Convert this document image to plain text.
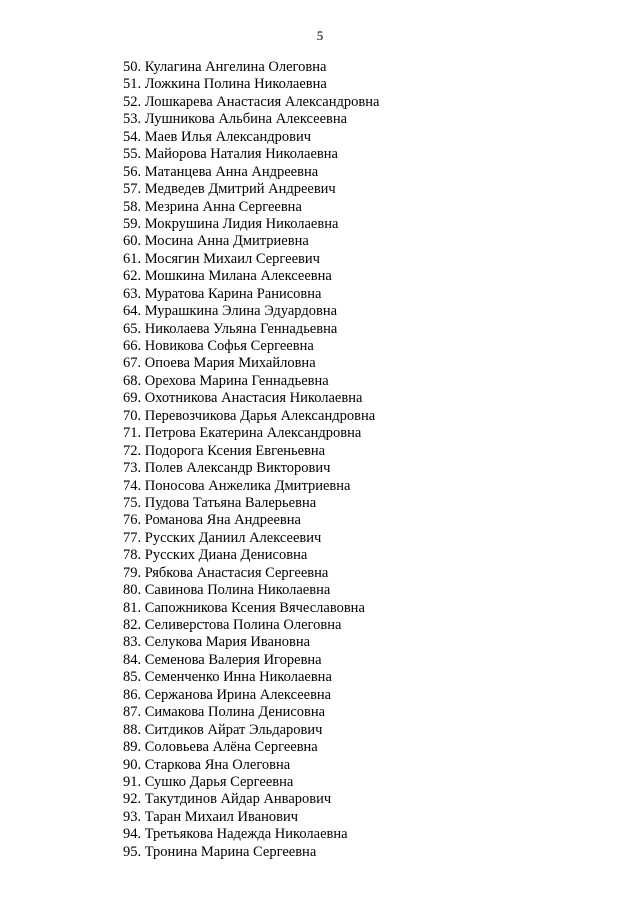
5
50. Кулагина Ангелина Олеговна
51. Ложкина Полина Николаевна
52. Лошкарева Анастасия Александровна
53. Лушникова Альбина Алексеевна
54. Маев Илья Александрович
55. Майорова Наталия Николаевна
56. Матанцева Анна Андреевна
57. Медведев Дмитрий Андреевич
58. Мезрина Анна Сергеевна
59. Мокрушина Лидия Николаевна
60. Мосина Анна Дмитриевна
61. Мосягин Михаил Сергеевич
62. Мошкина Милана Алексеевна
63. Муратова Карина Ранисовна
64. Мурашкина Элина Эдуардовна
65. Николаева Ульяна Геннадьевна
66. Новикова Софья Сергеевна
67. Опоева Мария Михайловна
68. Орехова Марина Геннадьевна
69. Охотникова Анастасия Николаевна
70. Перевозчикова Дарья Александровна
71. Петрова Екатерина Александровна
72. Подорога Ксения Евгеньевна
73. Полев Александр Викторович
74. Поносова Анжелика Дмитриевна
75. Пудова Татьяна Валерьевна
76. Романова Яна Андреевна
77. Русских Даниил Алексеевич
78. Русских Диана Денисовна
79. Рябкова Анастасия Сергеевна
80. Савинова Полина Николаевна
81. Сапожникова Ксения Вячеславовна
82. Селиверстова Полина Олеговна
83. Селукова Мария Ивановна
84. Семенова Валерия Игоревна
85. Семенченко Инна Николаевна
86. Сержанова Ирина Алексеевна
87. Симакова Полина Денисовна
88. Ситдиков Айрат Эльдарович
89. Соловьева Алёна Сергеевна
90. Старкова Яна Олеговна
91. Сушко Дарья Сергеевна
92. Такутдинов Айдар Анварович
93. Таран Михаил Иванович
94. Третьякова Надежда Николаевна
95. Тронина Марина Сергеевна
